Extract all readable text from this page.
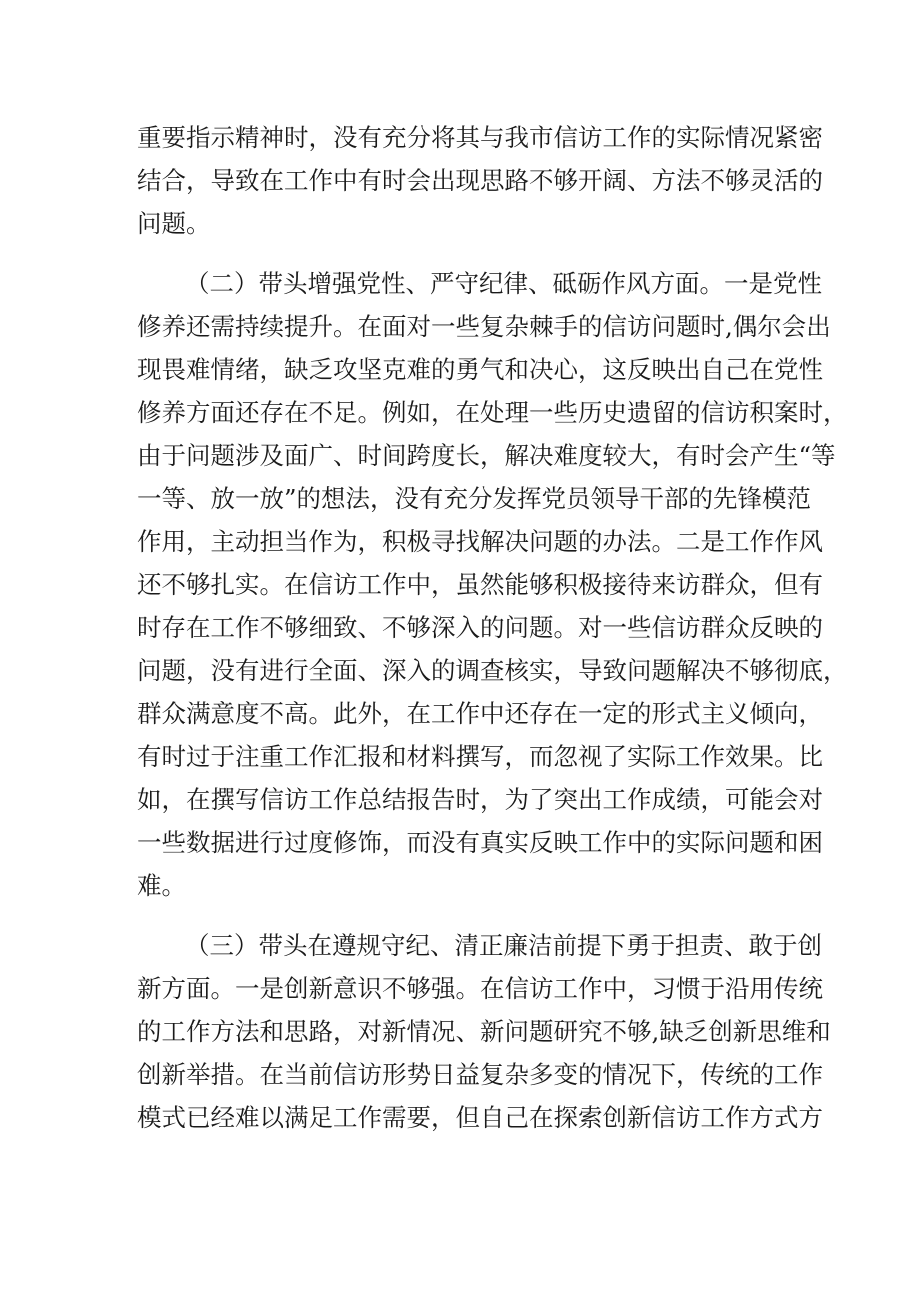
重要指示精神时，没有充分将其与我市信访工作的实际情况紧密
结合，导致在工作中有时会出现思路不够开阔、方法不够灵活的
问题。
（二）带头增强党性、严守纪律、砥砺作风方面。一是党性
修养还需持续提升。在面对一些复杂棘手的信访问题时,偶尔会出
现畏难情绪，缺乏攻坚克难的勇气和决心，这反映出自己在党性
修养方面还存在不足。例如，在处理一些历史遗留的信访积案时，
由于问题涉及面广、时间跨度长，解决难度较大，有时会产生“等
一等、放一放”的想法，没有充分发挥党员领导干部的先锋模范
作用，主动担当作为，积极寻找解决问题的办法。二是工作作风
还不够扎实。在信访工作中，虽然能够积极接待来访群众，但有
时存在工作不够细致、不够深入的问题。对一些信访群众反映的
问题，没有进行全面、深入的调查核实，导致问题解决不够彻底，
群众满意度不高。此外，在工作中还存在一定的形式主义倾向，
有时过于注重工作汇报和材料撰写，而忽视了实际工作效果。比
如，在撰写信访工作总结报告时，为了突出工作成绩，可能会对
一些数据进行过度修饰，而没有真实反映工作中的实际问题和困
难。
（三）带头在遵规守纪、清正廉洁前提下勇于担责、敢于创
新方面。一是创新意识不够强。在信访工作中，习惯于沿用传统
的工作方法和思路，对新情况、新问题研究不够,缺乏创新思维和
创新举措。在当前信访形势日益复杂多变的情况下，传统的工作
模式已经难以满足工作需要，但自己在探索创新信访工作方式方
